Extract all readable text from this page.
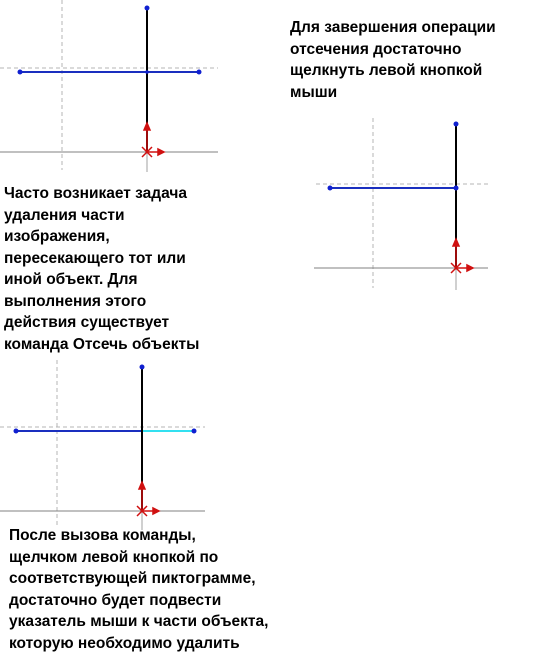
Для завершения операции
отсечения достаточно
щелкнуть левой кнопкой
мыши
Часто возникает задача
удаления части
изображения,
пересекающего тот или
иной объект. Для
выполнения этого
действия существует
команда Отсечь объекты
После вызова команды,
щелчком левой кнопкой по
соответствующей пиктограмме,
достаточно будет подвести
указатель мыши к части объекта,
которую необходимо удалить
